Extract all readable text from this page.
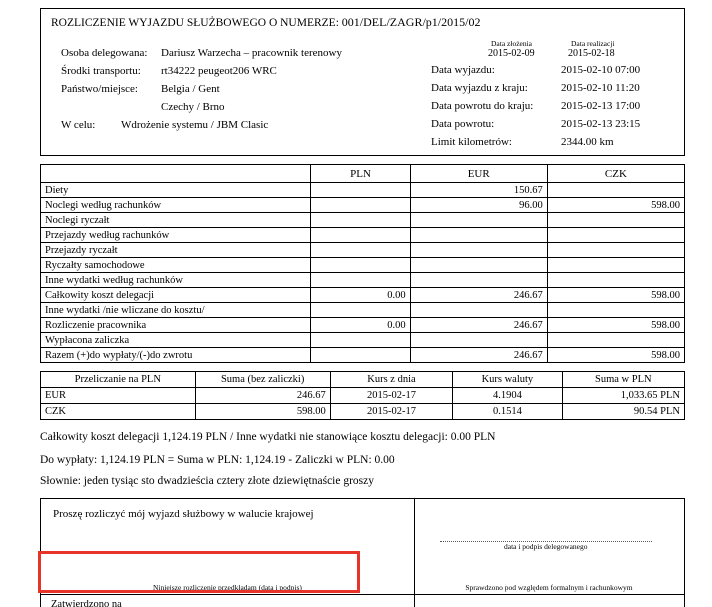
ROZLICZENIE WYJAZDU SŁUŻBOWEGO O NUMERZE: 001/DEL/ZAGR/p1/2015/02
Data złożenia	Data realizacji
2015-02-09	2015-02-18
Osoba delegowana: Dariusz Warzecha – pracownik terenowy
Środki transportu: rt34222 peugeot206 WRC
Państwo/miejsce: Belgia / Gent
Czechy / Brno
W celu: Wdrożenie systemu / JBM Clasic
Data wyjazdu:	2015-02-10 07:00
Data wyjazdu z kraju:	2015-02-10 11:20
Data powrotu do kraju:	2015-02-13 17:00
Data powrotu:	2015-02-13 23:15
Limit kilometrów:	2344.00 km
	PLN	EUR	CZK
Diety		150.67	
Noclegi według rachunków		96.00	598.00
Noclegi ryczałt			
Przejazdy według rachunków			
Przejazdy ryczałt			
Ryczałty samochodowe			
Inne wydatki według rachunków			
Całkowity koszt delegacji	0.00	246.67	598.00
Inne wydatki /nie wliczane do kosztu/			
Rozliczenie pracownika	0.00	246.67	598.00
Wypłacona zaliczka			
Razem (+)do wypłaty/(-)do zwrotu		246.67	598.00
Przeliczanie na PLN	Suma (bez zaliczki)	Kurs z dnia	Kurs waluty	Suma w PLN
EUR	246.67	2015-02-17	4.1904	1,033.65 PLN
CZK	598.00	2015-02-17	0.1514	90.54 PLN
Całkowity koszt delegacji 1,124.19 PLN / Inne wydatki nie stanowiące kosztu delegacji: 0.00 PLN
Do wypłaty: 1,124.19 PLN = Suma w PLN: 1,124.19 - Zaliczki w PLN: 0.00
Słownie: jeden tysiąc sto dwadzieścia cztery złote dziewiętnaście groszy
Proszę rozliczyć mój wyjazd służbowy w walucie krajowej
data i podpis delegowanego
Niniejsze rozliczenie przedkładam (data i podpis)	Sprawdzono pod względem formalnym i rachunkowym
Zatwierdzono na
